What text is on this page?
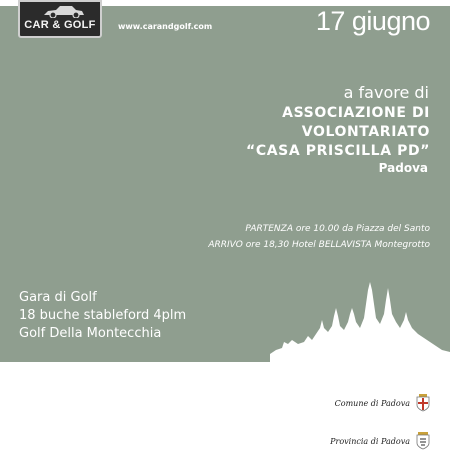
CAR & GOLF	www.carandgolf.com	17 giugno
a favore di
ASSOCIAZIONE DI
VOLONTARIATO
“CASA PRISCILLA PD”
Padova
PARTENZA ore 10.00 da Piazza del Santo
ARRIVO ore 18,30 Hotel BELLAVISTA Montegrotto
Gara di Golf
18 buche stableford 4plm
Golf Della Montecchia
Comune di Padova
Provincia di Padova
